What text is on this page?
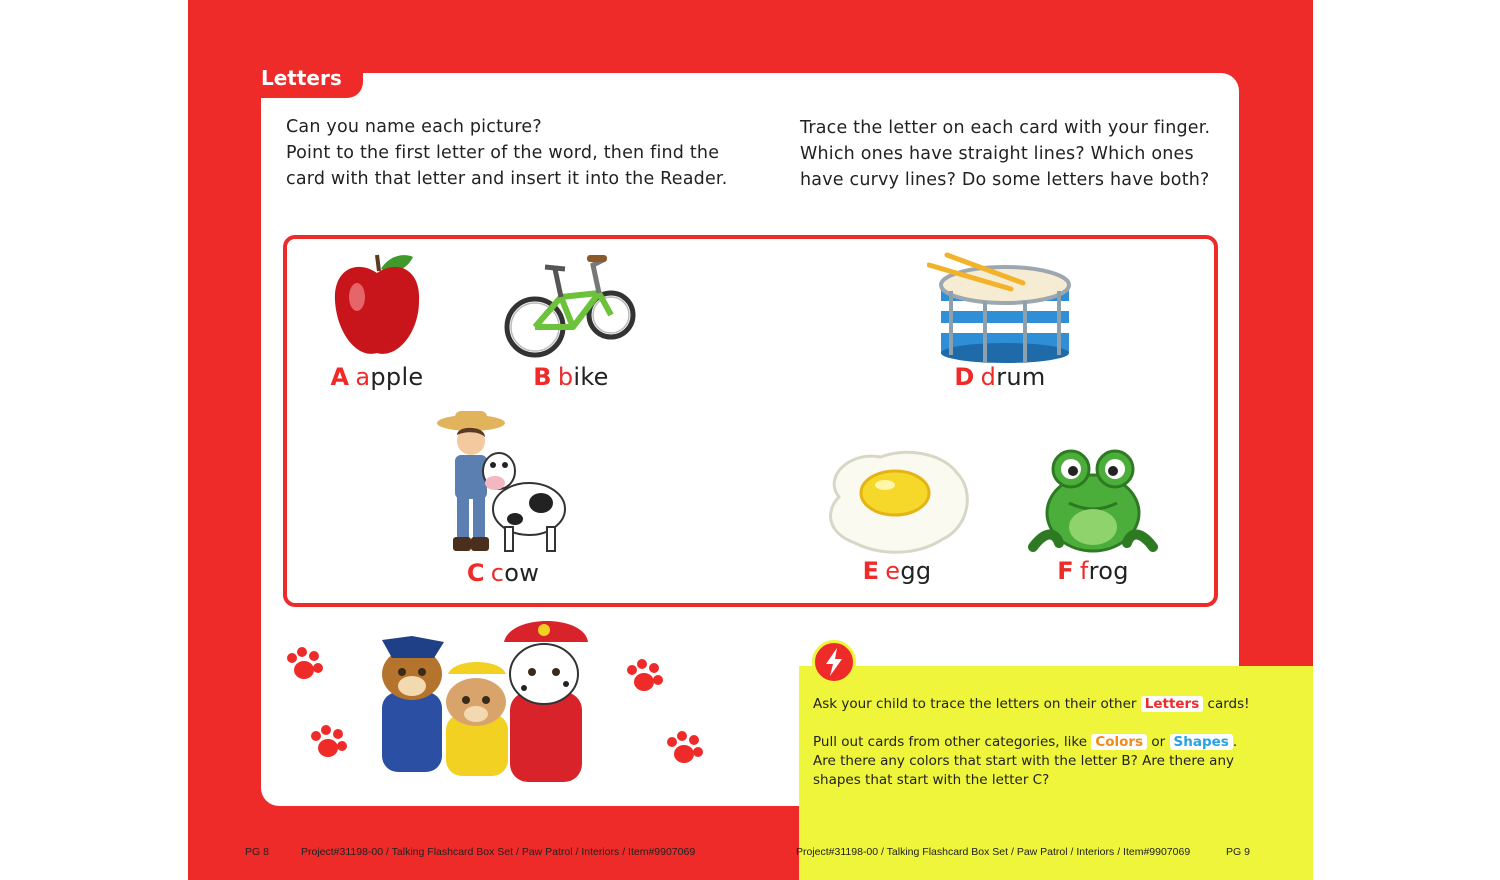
Letters
Can you name each picture?
Point to the first letter of the word, then find the
card with that letter and insert it into the Reader.
Trace the letter on each card with your finger.
Which ones have straight lines? Which ones
have curvy lines? Do some letters have both?
A apple	B bike	D drum
C cow	E egg	F frog
Ask your child to trace the letters on their other Letters cards!
Pull out cards from other categories, like Colors or Shapes .
Are there any colors that start with the letter B? Are there any
shapes that start with the letter C?
PG 8	Project#31198-00 / Talking Flashcard Box Set / Paw Patrol / Interiors / Item#9907069	Project#31198-00 / Talking Flashcard Box Set / Paw Patrol / Interiors / Item#9907069	PG 9
